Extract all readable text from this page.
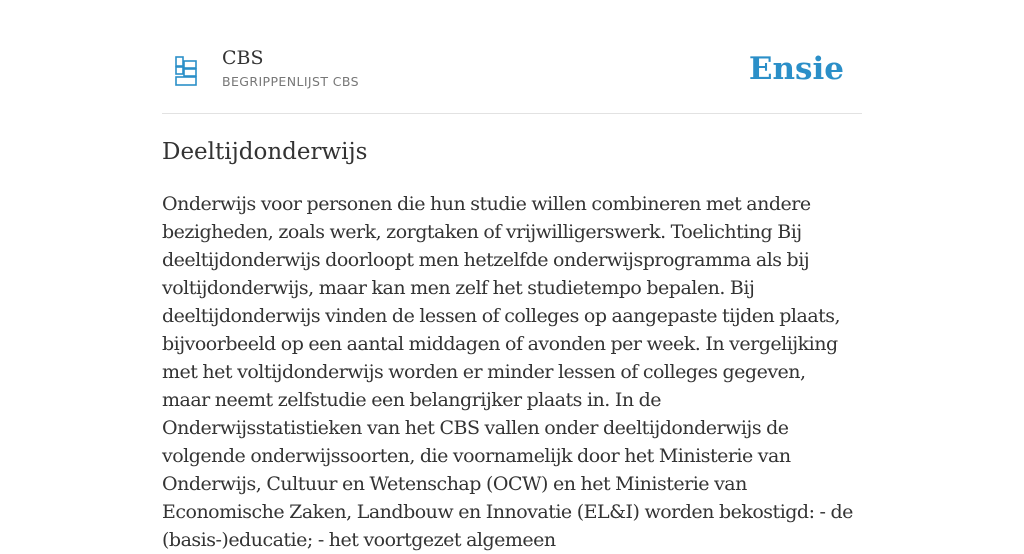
CBS
BEGRIPPENLIJST CBS	Ensie
Deeltijdonderwijs

Onderwijs voor personen die hun studie willen combineren met andere bezigheden, zoals werk, zorgtaken of vrijwilligerswerk. Toelichting Bij deeltijdonderwijs doorloopt men hetzelfde onderwijsprogramma als bij voltijdonderwijs, maar kan men zelf het studietempo bepalen. Bij deeltijdonderwijs vinden de lessen of colleges op aangepaste tijden plaats, bijvoorbeeld op een aantal middagen of avonden per week. In vergelijking met het voltijdonderwijs worden er minder lessen of colleges gegeven, maar neemt zelfstudie een belangrijker plaats in. In de Onderwijsstatistieken van het CBS vallen onder deeltijdonderwijs de volgende onderwijssoorten, die voornamelijk door het Ministerie van Onderwijs, Cultuur en Wetenschap (OCW) en het Ministerie van Economische Zaken, Landbouw en Innovatie (EL&I) worden bekostigd: - de (basis-)educatie; - het voortgezet algemeen
